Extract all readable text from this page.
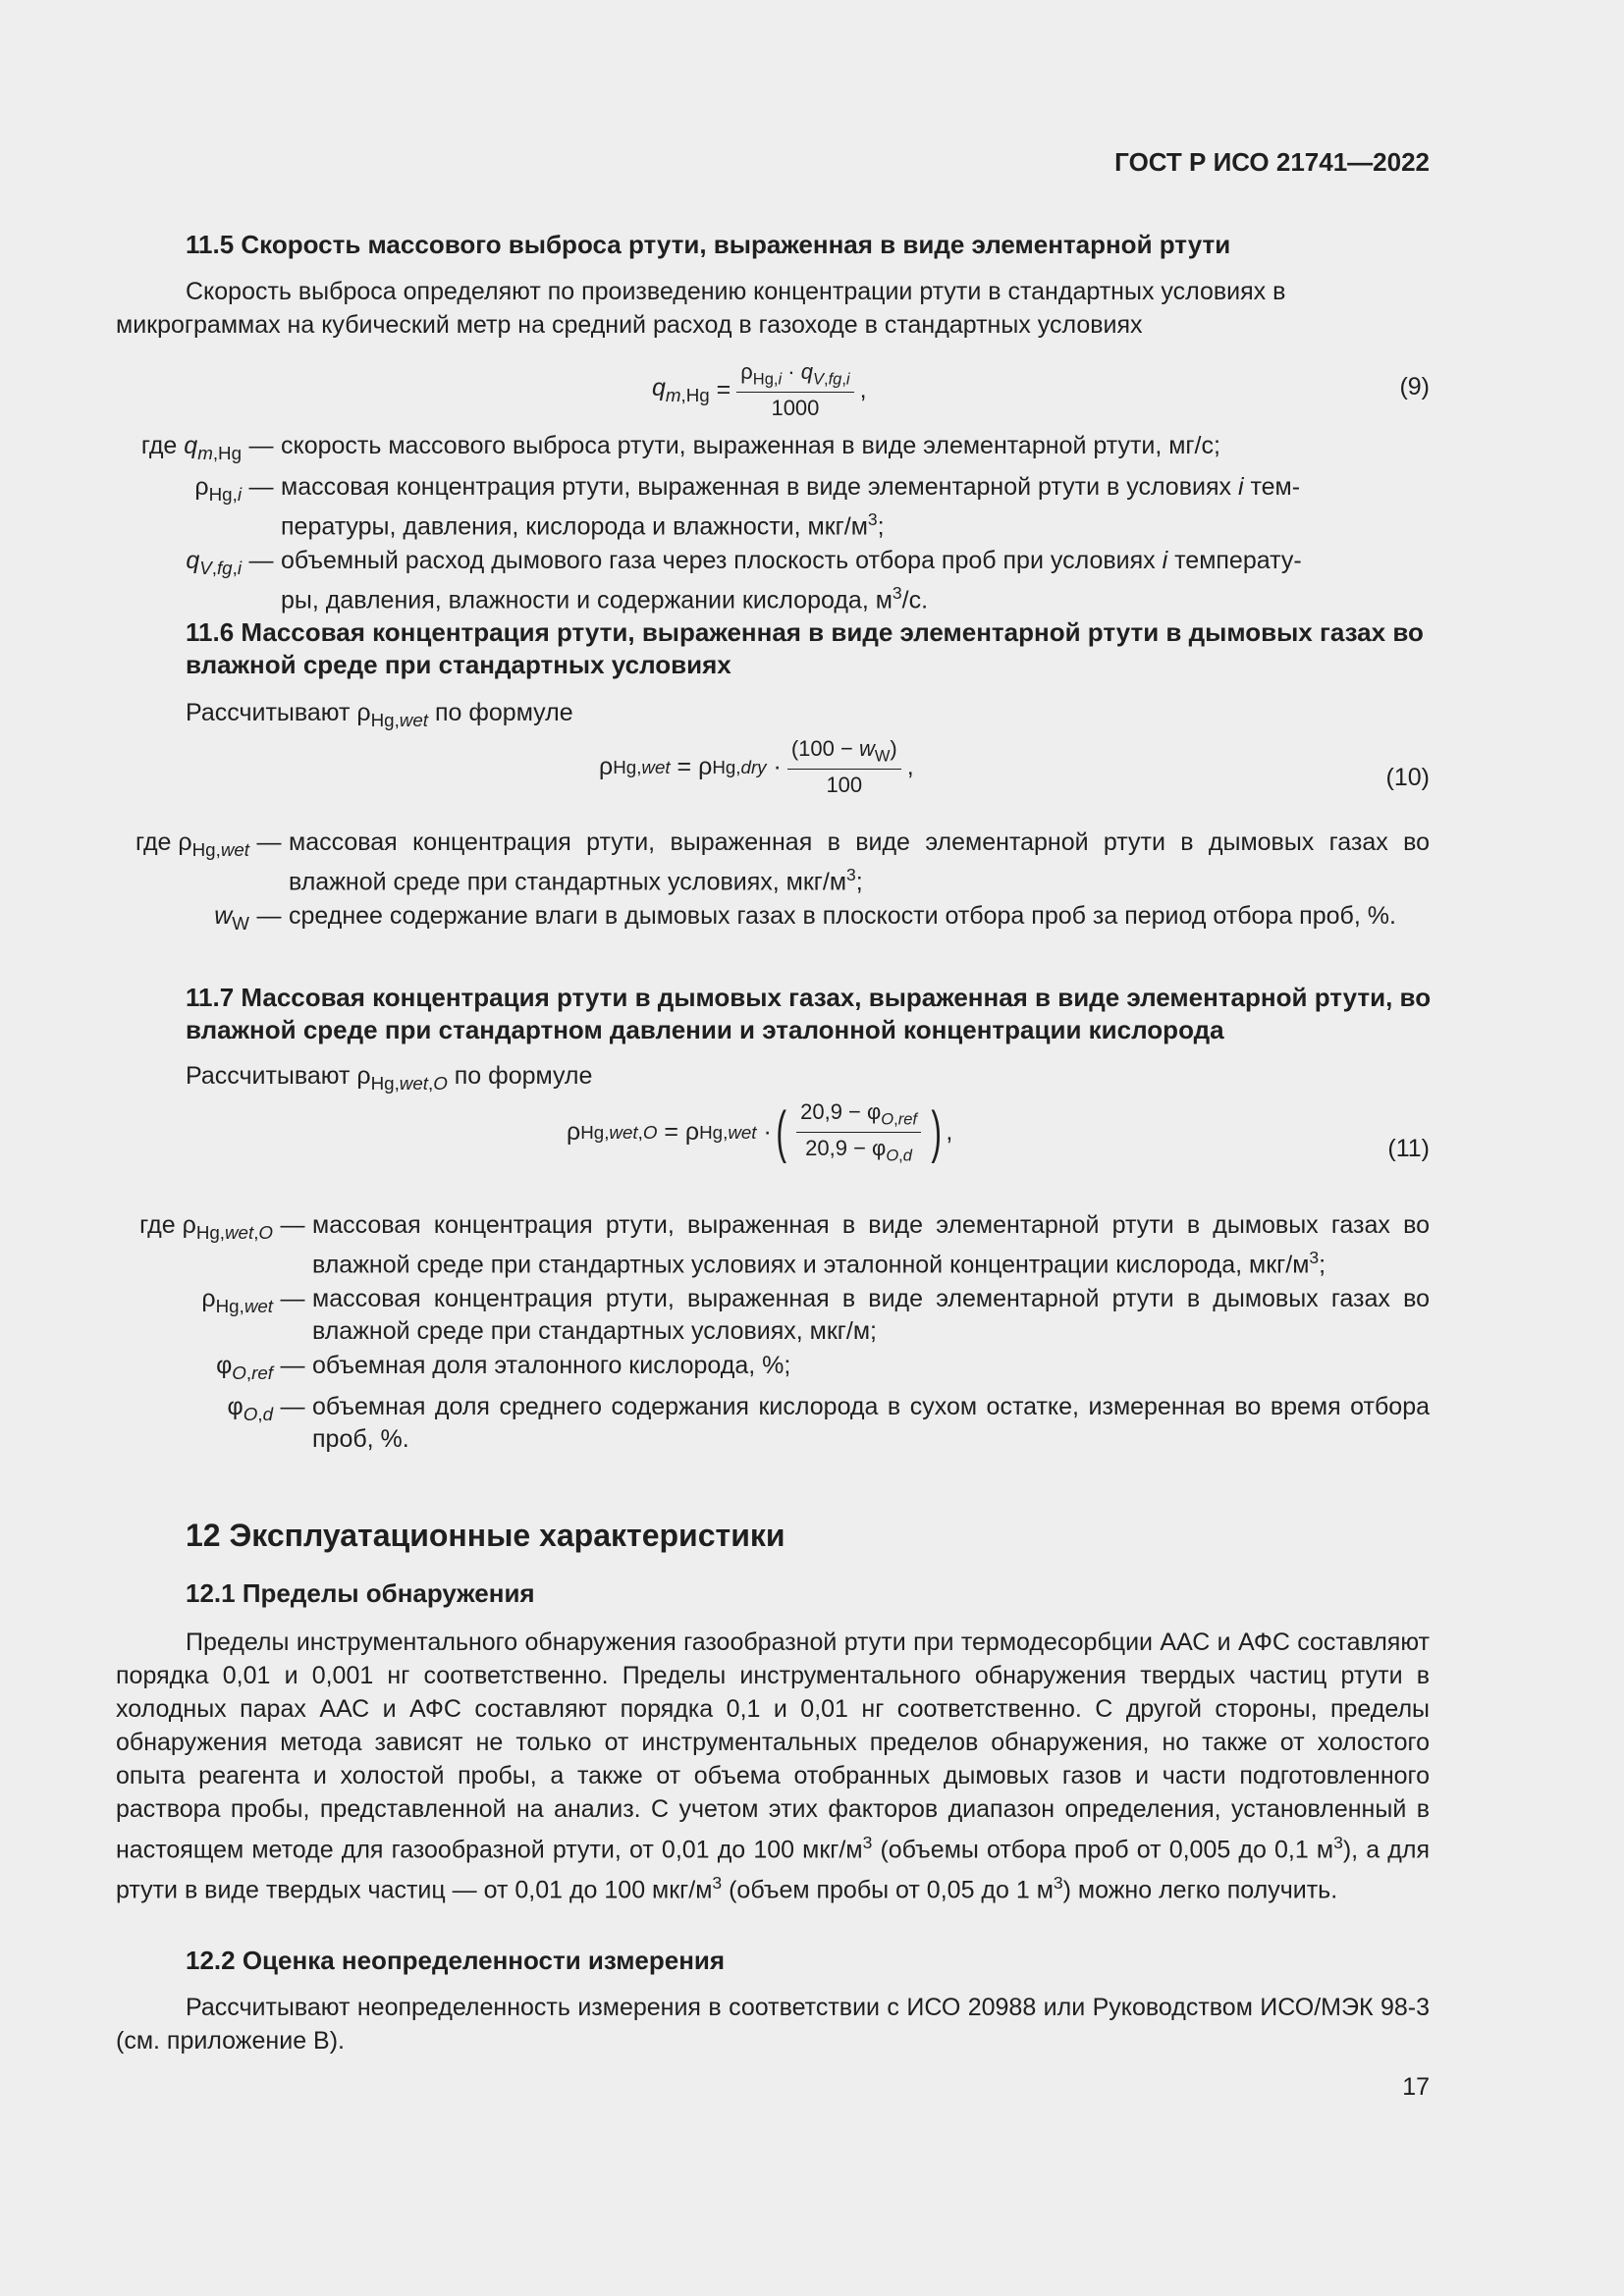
ГОСТ Р ИСО 21741—2022
11.5 Скорость массового выброса ртути, выраженная в виде элементарной ртути
Скорость выброса определяют по произведению концентрации ртути в стандартных условиях в
микрограммах на кубический метр на средний расход в газоходе в стандартных условиях
$q_{m,Hg} = \frac{\rho_{Hg,i} \cdot q_{V,fg,i}}{1000}$ ,	(9)
где $q_{m,Hg}$ — скорость массового выброса ртути, выраженная в виде элементарной ртути, мг/с;
$\rho_{Hg,i}$ — массовая концентрация ртути, выраженная в виде элементарной ртути в условиях i тем-
пературы, давления, кислорода и влажности, мкг/$м^3$;
$q_{V,fg,i}$ — объемный расход дымового газа через плоскость отбора проб при условиях i температу-
ры, давления, влажности и содержании кислорода, $м^3/с$.
11.6 Массовая концентрация ртути, выраженная в виде элементарной ртути в дымовых газах во влажной среде при стандартных условиях
Рассчитывают $\rho_{Hg,wet}$ по формуле
ρ Hg,wet = ρ $Hg,dry \cdot \frac{(100 - w_W)}{100}$ ,	(10)
где $\rho_{Hg,wet}$ — массовая концентрация ртути, выраженная в виде элементарной ртути в дымовых газах во влажной среде при стандартных условиях, мкг/$м^3$;
$w_W$ — среднее содержание влаги в дымовых газах в плоскости отбора проб за период отбора проб, %.
11.7 Массовая концентрация ртути в дымовых газах, выраженная в виде элементарной ртути, во влажной среде при стандартном давлении и эталонной концентрации кислорода
Рассчитывают $\rho_{Hg,wet,O}$ по формуле
ρ Hg,wet,O = ρ Hg,wet · ( $\frac{20,9 - \varphi_{O,ref}}{20,9 - \varphi_{O,d}}$ ) ,
(11)
где $\rho_{Hg,wet,O}$ — массовая концентрация ртути, выраженная в виде элементарной ртути в дымовых газах во влажной среде при стандартных условиях и эталонной концентрации кислорода, мкг/$м^3$;
$\rho_{Hg,wet}$ — массовая концентрация ртути, выраженная в виде элементарной ртути в дымовых газах во влажной среде при стандартных условиях, мкг/м;
$\varphi_{O,ref}$ — объемная доля эталонного кислорода, %;
$\varphi_{O,d}$ — объемная доля среднего содержания кислорода в сухом остатке, измеренная во время отбора проб, %.
12 Эксплуатационные характеристики
12.1 Пределы обнаружения
Пределы инструментального обнаружения газообразной ртути при термодесорбции ААС и АФС составляют порядка 0,01 и 0,001 нг соответственно. Пределы инструментального обнаружения твердых частиц ртути в холодных парах ААС и АФС составляют порядка 0,1 и 0,01 нг соответственно. С другой стороны, пределы обнаружения метода зависят не только от инструментальных пределов обнаружения, но также от холостого опыта реагента и холостой пробы, а также от объема отобранных дымовых газов и части подготовленного раствора пробы, представленной на анализ. С учетом этих факторов диапазон определения, установленный в настоящем методе для газообразной ртути, от 0,01 до 100 мкг/$м^3$ (объемы отбора проб от 0,005 до 0,1 $м^3$), а для ртути в виде твердых частиц — от 0,01 до 100 мкг/$м^3$ (объем пробы от 0,05 до 1 $м^3$) можно легко получить.
12.2 Оценка неопределенности измерения
Рассчитывают неопределенность измерения в соответствии с ИСО 20988 или Руководством ИСО/МЭК 98-3 (см. приложение В).
17
